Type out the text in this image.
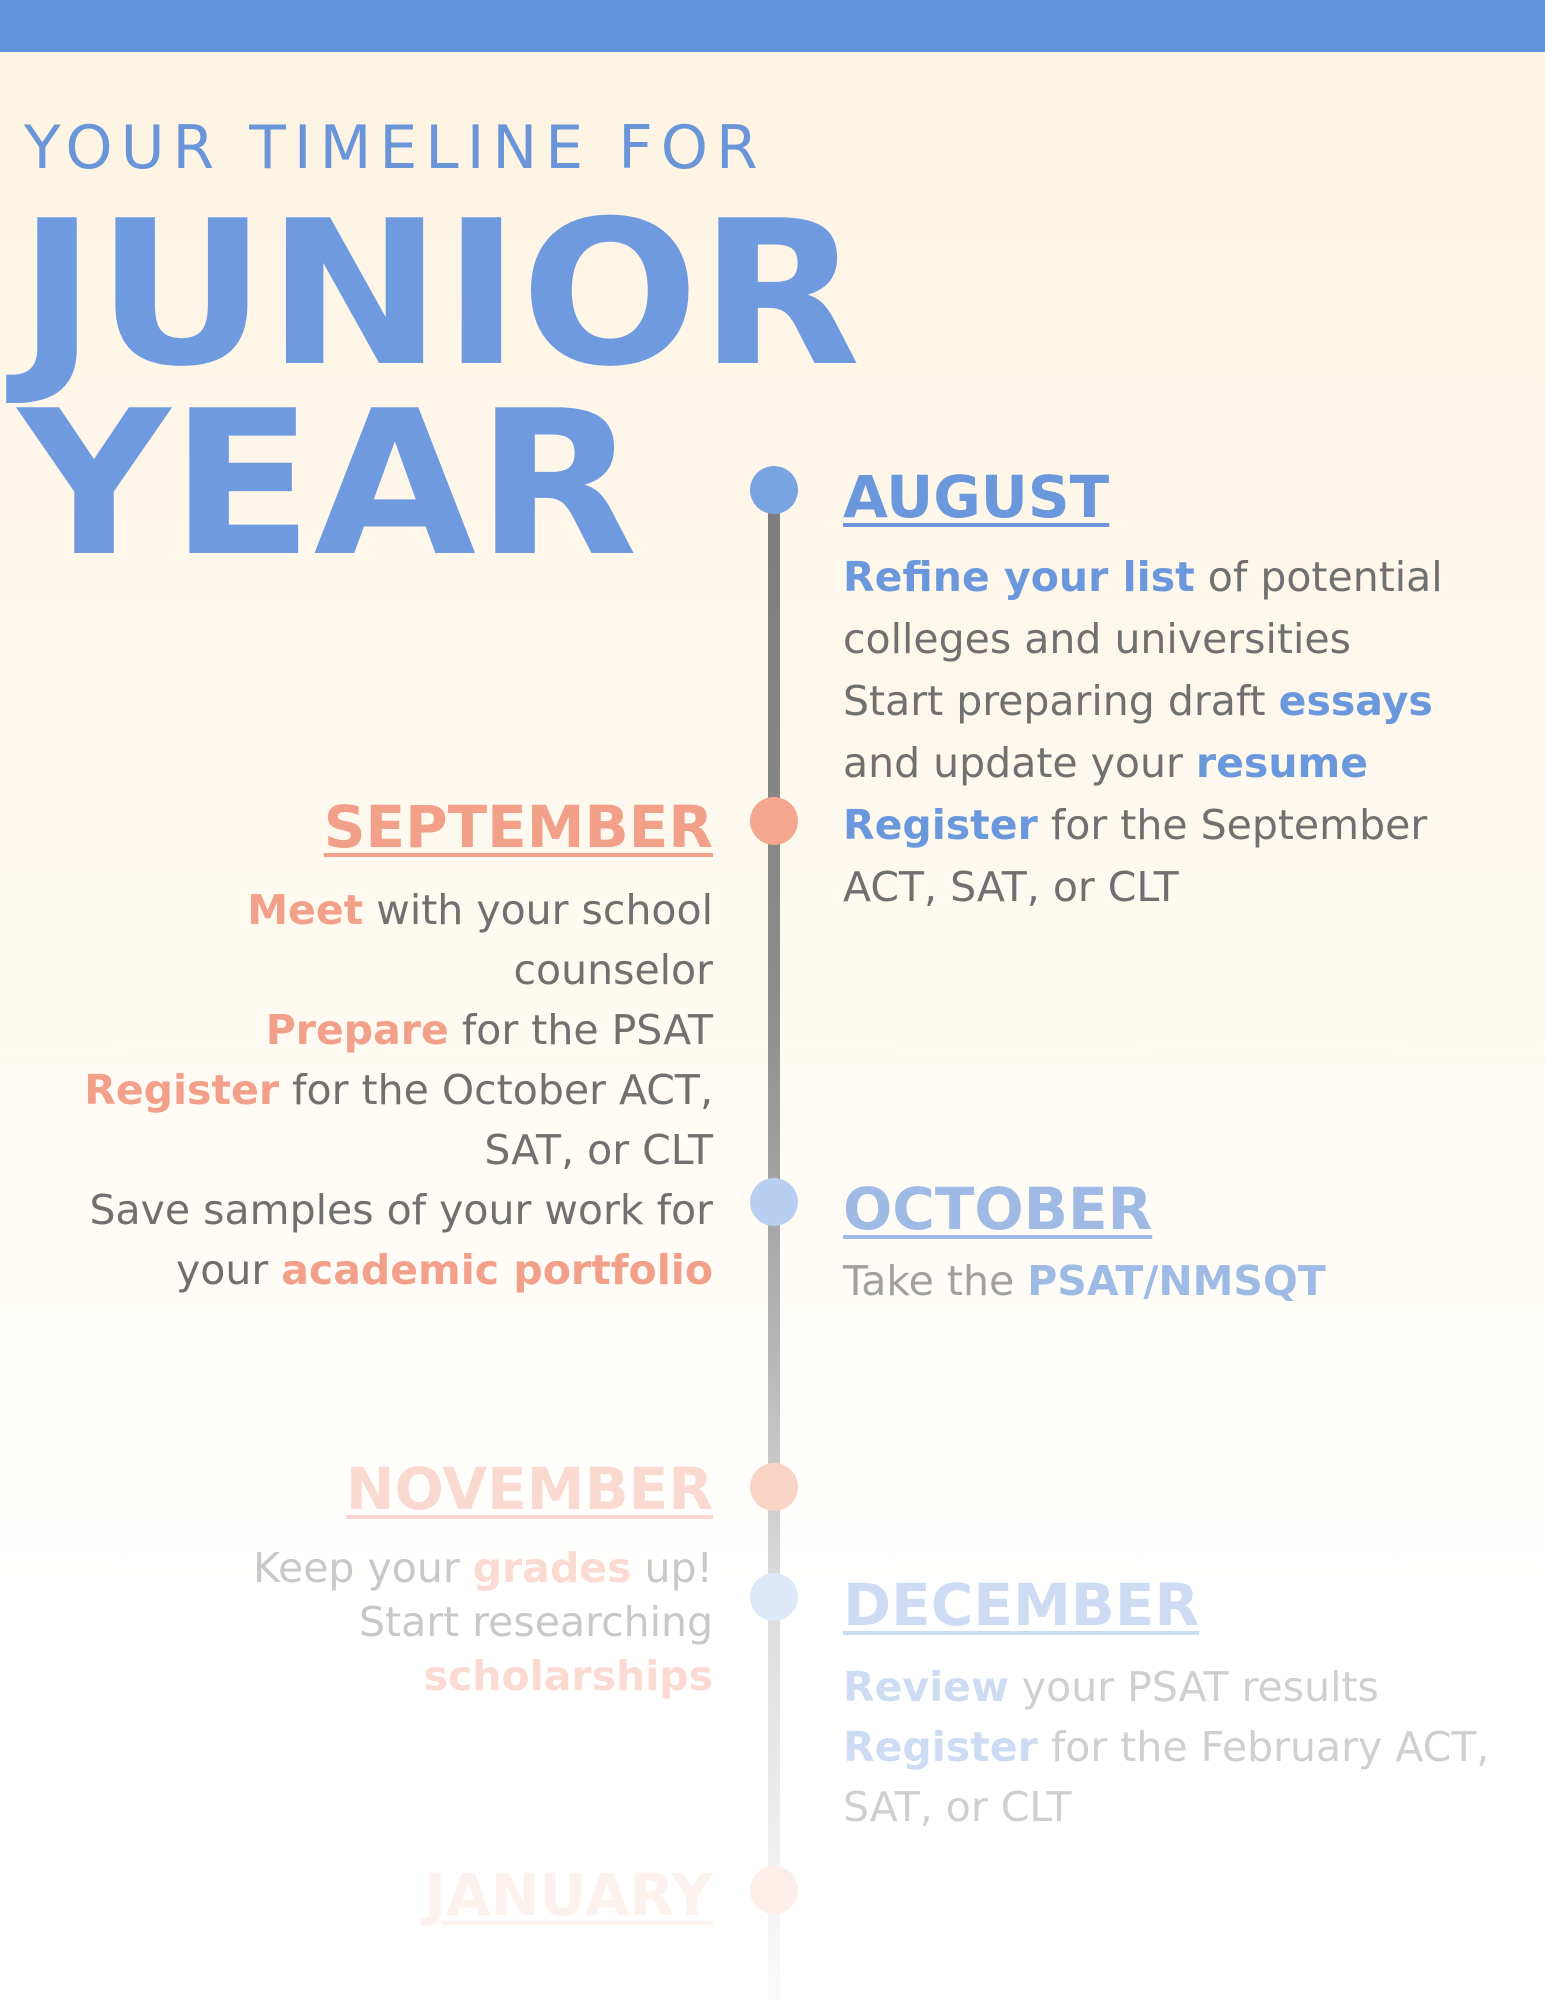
YOUR TIMELINE FOR
JUNIOR
YEAR	AUGUST
Refine your list of potential
colleges and universities
Start preparing draft essays
and update your resume
Register for the September
ACT, SAT, or CLT
SEPTEMBER
Meet with your school
counselor
Prepare for the PSAT
Register for the October ACT,
SAT, or CLT
Save samples of your work for
your academic portfolio
OCTOBER
Take the PSAT/NMSQT
NOVEMBER
Keep your grades up!
Start researching
scholarships
DECEMBER
Review your PSAT results
Register for the February ACT,
SAT, or CLT
JANUARY
